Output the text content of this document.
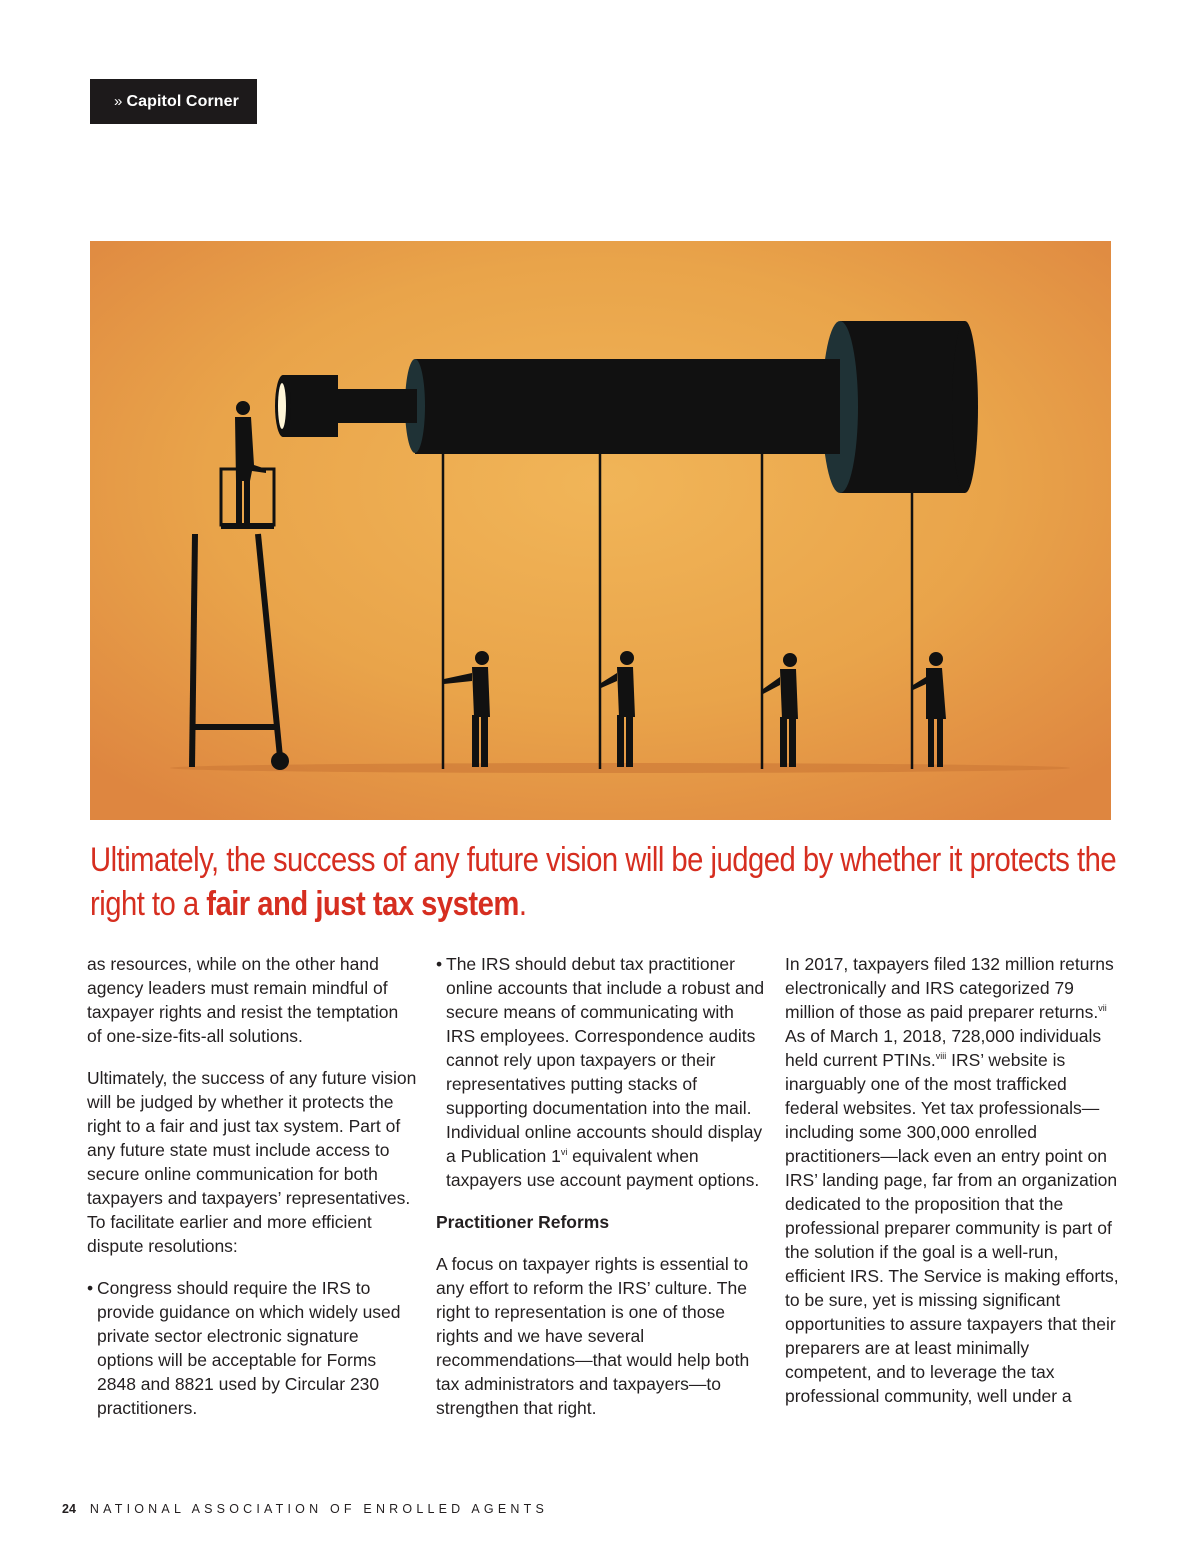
» Capitol Corner
Ultimately, the success of any future vision will be judged by whether it protects the right to a fair and just tax system.

as resources, while on the other hand agency leaders must remain mindful of taxpayer rights and resist the temptation of one-size-fits-all solutions.

Ultimately, the success of any future vision will be judged by whether it protects the right to a fair and just tax system. Part of any future state must include access to secure online communication for both taxpayers and taxpayers’ representatives. To facilitate earlier and more efficient dispute resolutions:

• Congress should require the IRS to provide guidance on which widely used private sector electronic signature options will be acceptable for Forms 2848 and 8821 used by Circular 230 practitioners.
• The IRS should debut tax practitioner online accounts that include a robust and secure means of communicating with IRS employees. Correspondence audits cannot rely upon taxpayers or their representatives putting stacks of supporting documentation into the mail. Individual online accounts should display a Publication 1$^{vi}$ equivalent when taxpayers use account payment options.

Practitioner Reforms

A focus on taxpayer rights is essential to any effort to reform the IRS’ culture. The right to representation is one of those rights and we have several recommendations—that would help both tax administrators and taxpayers—to strengthen that right.

In 2017, taxpayers filed 132 million returns electronically and IRS categorized 79 million of those as paid preparer returns.$^{vii}$ As of March 1, 2018, 728,000 individuals held current PTINs.$^{viii}$ IRS’ website is inarguably one of the most trafficked federal websites. Yet tax professionals—including some 300,000 enrolled practitioners—lack even an entry point on IRS’ landing page, far from an organization dedicated to the proposition that the professional preparer community is part of the solution if the goal is a well-run, efficient IRS. The Service is making efforts, to be sure, yet is missing significant opportunities to assure taxpayers that their preparers are at least minimally competent, and to leverage the tax professional community, well under a

24 NATIONAL ASSOCIATION OF ENROLLED AGENTS
